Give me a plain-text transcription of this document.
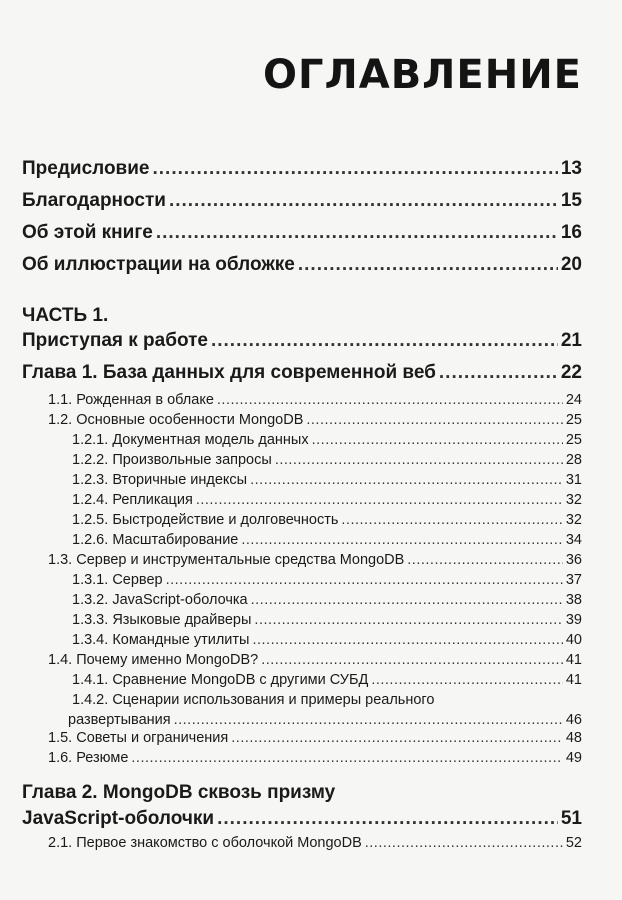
ОГЛАВЛЕНИЕ
Предисловие .....	13
Благодарности .....	15
Об этой книге .....	16
Об иллюстрации на обложке .....	20
ЧАСТЬ 1.
Приступая к работе .....	21
Глава 1. База данных для современной веб .....	22
1.1. Рожденная в облаке .....	24
1.2. Основные особенности MongoDB .....	25
1.2.1. Документная модель данных .....	25
1.2.2. Произвольные запросы .....	28
1.2.3. Вторичные индексы .....	31
1.2.4. Репликация .....	32
1.2.5. Быстродействие и долговечность .....	32
1.2.6. Масштабирование .....	34
1.3. Сервер и инструментальные средства MongoDB .....	36
1.3.1. Сервер .....	37
1.3.2. JavaScript-оболочка .....	38
1.3.3. Языковые драйверы .....	39
1.3.4. Командные утилиты .....	40
1.4. Почему именно MongoDB? .....	41
1.4.1. Сравнение MongoDB с другими СУБД .....	41
1.4.2. Сценарии использования и примеры реального
развертывания .....	46
1.5. Советы и ограничения .....	48
1.6. Резюме .....	49
Глава 2. MongoDB сквозь призму
JavaScript-оболочки .....	51
2.1. Первое знакомство с оболочкой MongoDB .....	52
